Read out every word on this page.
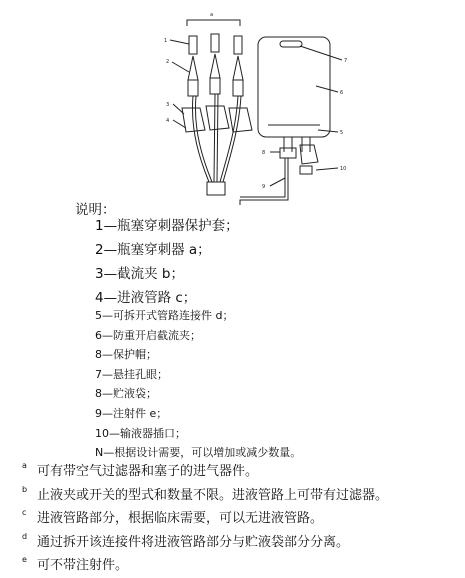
a
1
2
3
4
7
6
5
8
9
10
说明：
1—瓶塞穿刺器保护套；
2—瓶塞穿刺器 a；
3—截流夹 b；
4—进液管路 c；
5—可拆开式管路连接件 d；
6—防重开启截流夹；
8—保护帽；
7—悬挂孔眼；
8—贮液袋；
9—注射件 e；
10—输液器插口；
N—根据设计需要，可以增加或减少数量。
a 可有带空气过滤器和塞子的进气器件。
b 止液夹或开关的型式和数量不限。进液管路上可带有过滤器。
c 进液管路部分，根据临床需要，可以无进液管路。
d 通过拆开该连接件将进液管路部分与贮液袋部分分离。
e 可不带注射件。
